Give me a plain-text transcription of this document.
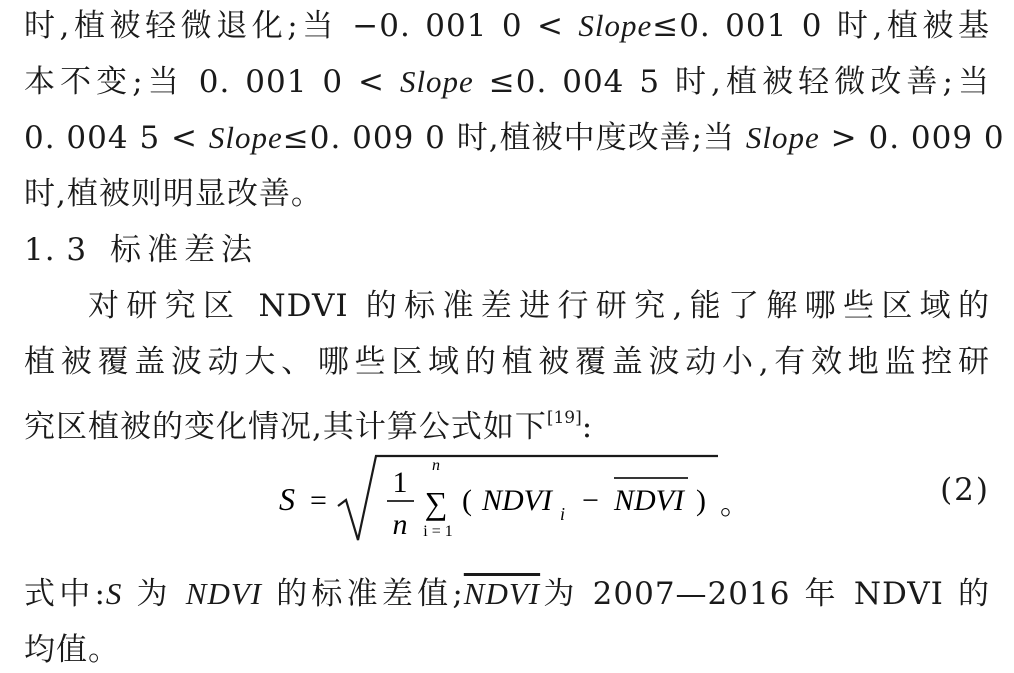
时,植被轻微退化;当 −0. 001 0 < Slope≤0. 001 0 时,植被基
本不变;当 0. 001 0 < Slope ≤0. 004 5 时,植被轻微改善;当
0. 004 5 < Slope≤0. 009 0 时,植被中度改善;当 Slope > 0. 009 0
时,植被则明显改善。
1. 3 标准差法
对研究区 NDVI 的标准差进行研究,能了解哪些区域的
植被覆盖波动大、哪些区域的植被覆盖波动小,有效地监控研
究区植被的变化情况,其计算公式如下[19]:
S =
1
n
n
∑
i = 1
( NDVI i − NDVI ) 。	(2)
式中:S 为 NDVI 的标准差值;NDVI为 2007—2016 年 NDVI 的
均值。
